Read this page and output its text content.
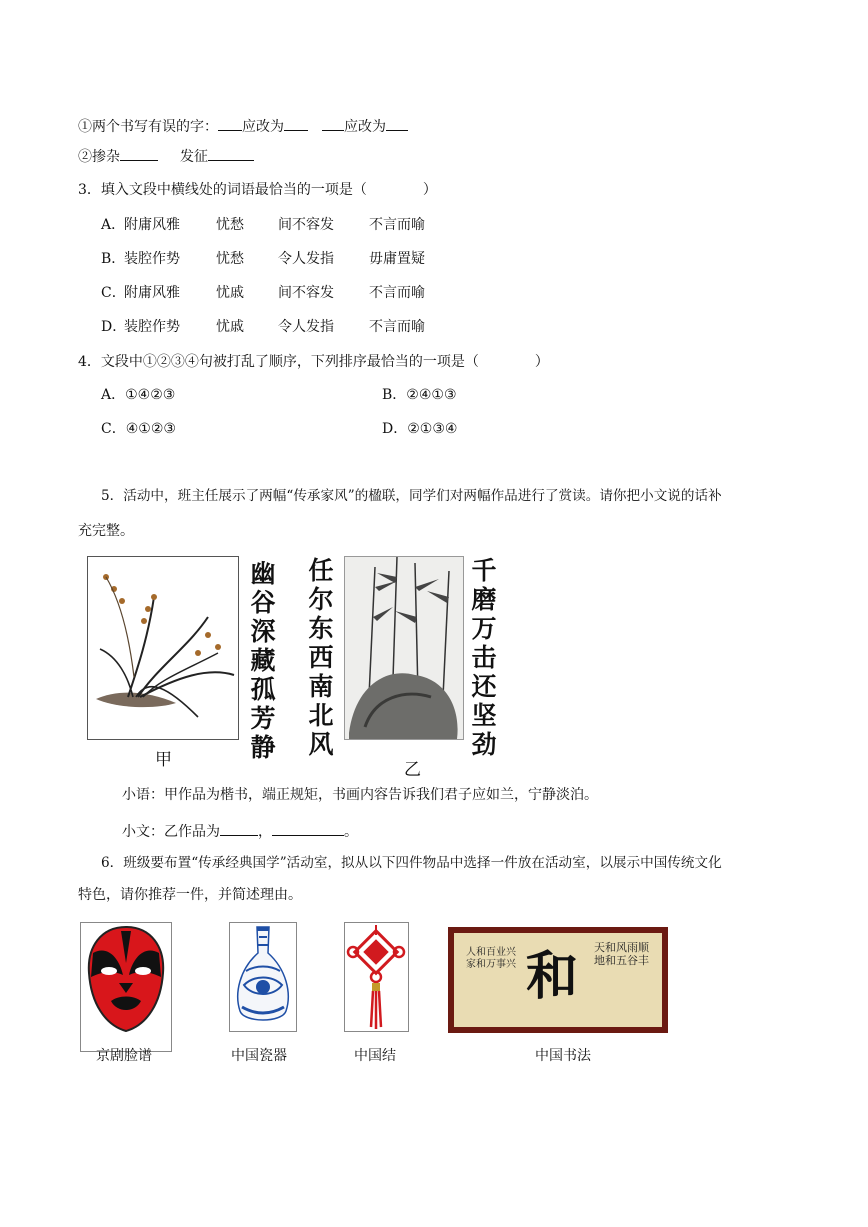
①两个书写有误的字： 应改为	应改为
②掺杂	发征
3．填入文段中横线处的词语最恰当的一项是（　　　　）
A．
附庸风雅	忧愁 间不容发	不言而喻
B．
装腔作势	忧愁 令人发指	毋庸置疑
C．
附庸风雅	忧戚 间不容发	不言而喻
D．
装腔作势	忧戚 令人发指	不言而喻
4．文段中①②③④句被打乱了顺序，下列排序最恰当的一项是（　　　　）
A．①④②③	B．②④①③
C．④①②③	D．②①③④
5．活动中，班主任展示了两幅“传承家风”的楹联，同学们对两幅作品进行了赏读。请你把小文说的话补
充完整。
幽谷深藏孤芳静
甲
任尔东西南北风
千磨万击还坚劲
乙
小语：甲作品为楷书，端正规矩，书画内容告诉我们君子应如兰，宁静淡泊。
小文：乙作品为	，	。
6．班级要布置“传承经典国学”活动室，拟从以下四件物品中选择一件放在活动室，以展示中国传统文化
特色，请你推荐一件，并简述理由。
京剧脸谱	中国瓷器	中国结
和 天和风雨顺 地和五谷丰
人和百业兴 家和万事兴
中国书法
